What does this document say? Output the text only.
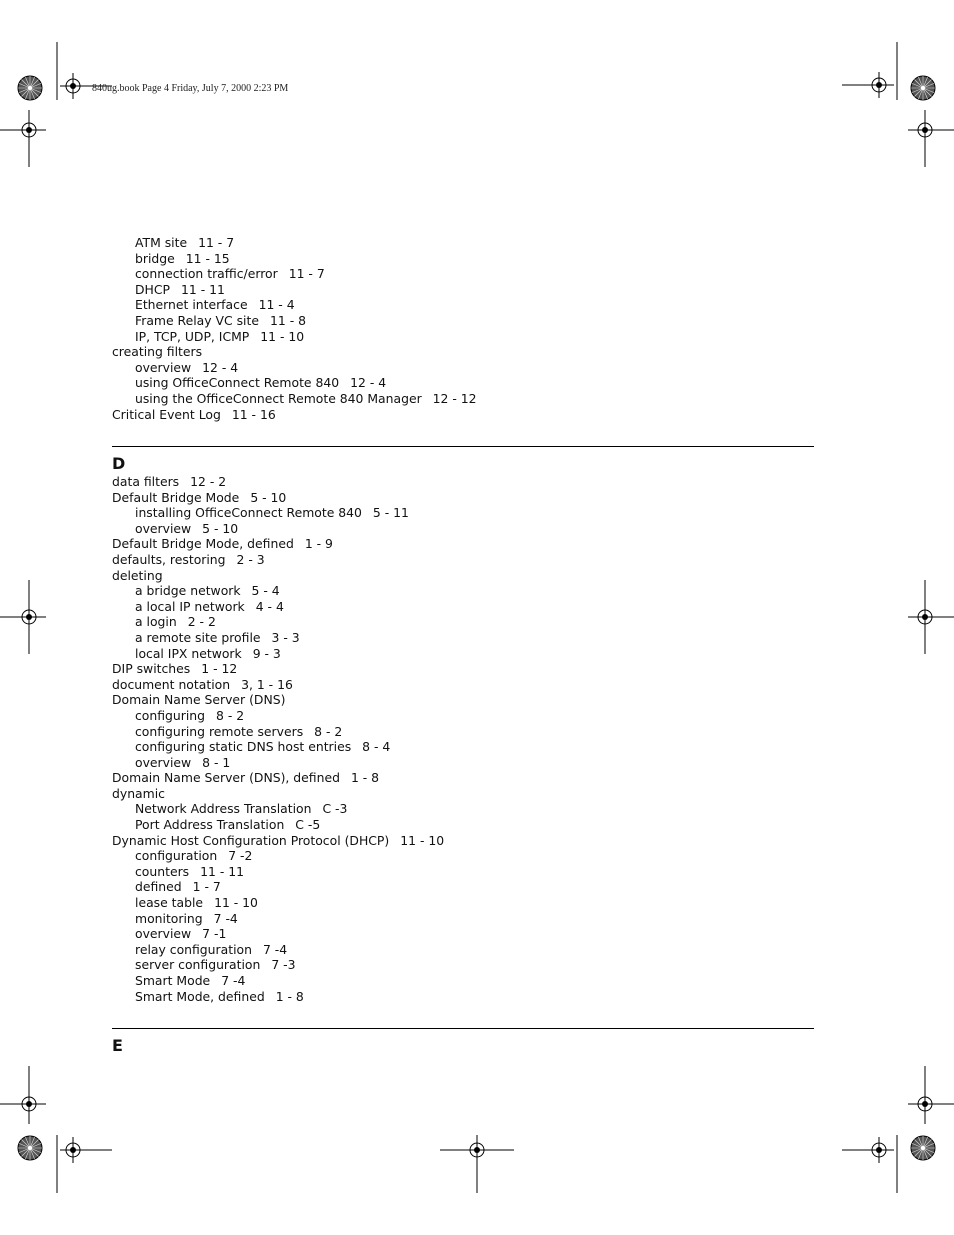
840ug.book Page 4 Friday, July 7, 2000 2:23 PM
ATM site 11 - 7
bridge 11 - 15
connection traffic/error 11 - 7
DHCP 11 - 11
Ethernet interface 11 - 4
Frame Relay VC site 11 - 8
IP, TCP, UDP, ICMP 11 - 10
creating filters
overview 12 - 4
using OfficeConnect Remote 840 12 - 4
using the OfficeConnect Remote 840 Manager 12 - 12
Critical Event Log 11 - 16
D
data filters 12 - 2
Default Bridge Mode 5 - 10
installing OfficeConnect Remote 840 5 - 11
overview 5 - 10
Default Bridge Mode, defined 1 - 9
defaults, restoring 2 - 3
deleting
a bridge network 5 - 4
a local IP network 4 - 4
a login 2 - 2
a remote site profile 3 - 3
local IPX network 9 - 3
DIP switches 1 - 12
document notation 3, 1 - 16
Domain Name Server (DNS)
configuring 8 - 2
configuring remote servers 8 - 2
configuring static DNS host entries 8 - 4
overview 8 - 1
Domain Name Server (DNS), defined 1 - 8
dynamic
Network Address Translation C -3
Port Address Translation C -5
Dynamic Host Configuration Protocol (DHCP) 11 - 10
configuration 7 -2
counters 11 - 11
defined 1 - 7
lease table 11 - 10
monitoring 7 -4
overview 7 -1
relay configuration 7 -4
server configuration 7 -3
Smart Mode 7 -4
Smart Mode, defined 1 - 8
E
